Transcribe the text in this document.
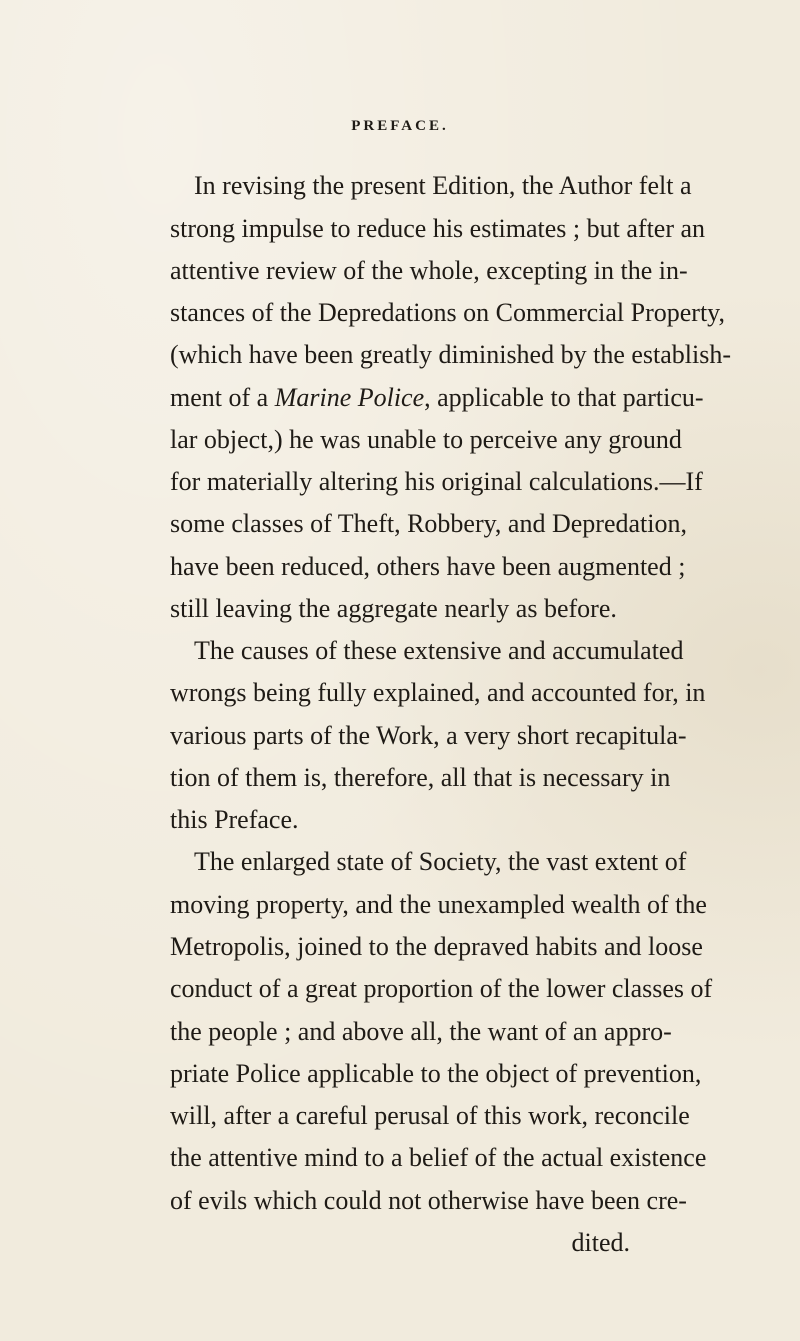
PREFACE.
In revising the present Edition, the Author felt a
strong impulse to reduce his estimates ; but after an
attentive review of the whole, excepting in the in-
stances of the Depredations on Commercial Property,
(which have been greatly diminished by the establish-
ment of a Marine Police, applicable to that particu-
lar object,) he was unable to perceive any ground
for materially altering his original calculations.—If
some classes of Theft, Robbery, and Depredation,
have been reduced, others have been augmented ;
still leaving the aggregate nearly as before.
The causes of these extensive and accumulated
wrongs being fully explained, and accounted for, in
various parts of the Work, a very short recapitula-
tion of them is, therefore, all that is necessary in
this Preface.
The enlarged state of Society, the vast extent of
moving property, and the unexampled wealth of the
Metropolis, joined to the depraved habits and loose
conduct of a great proportion of the lower classes of
the people ; and above all, the want of an appro-
priate Police applicable to the object of prevention,
will, after a careful perusal of this work, reconcile
the attentive mind to a belief of the actual existence
of evils which could not otherwise have been cre-
dited.
